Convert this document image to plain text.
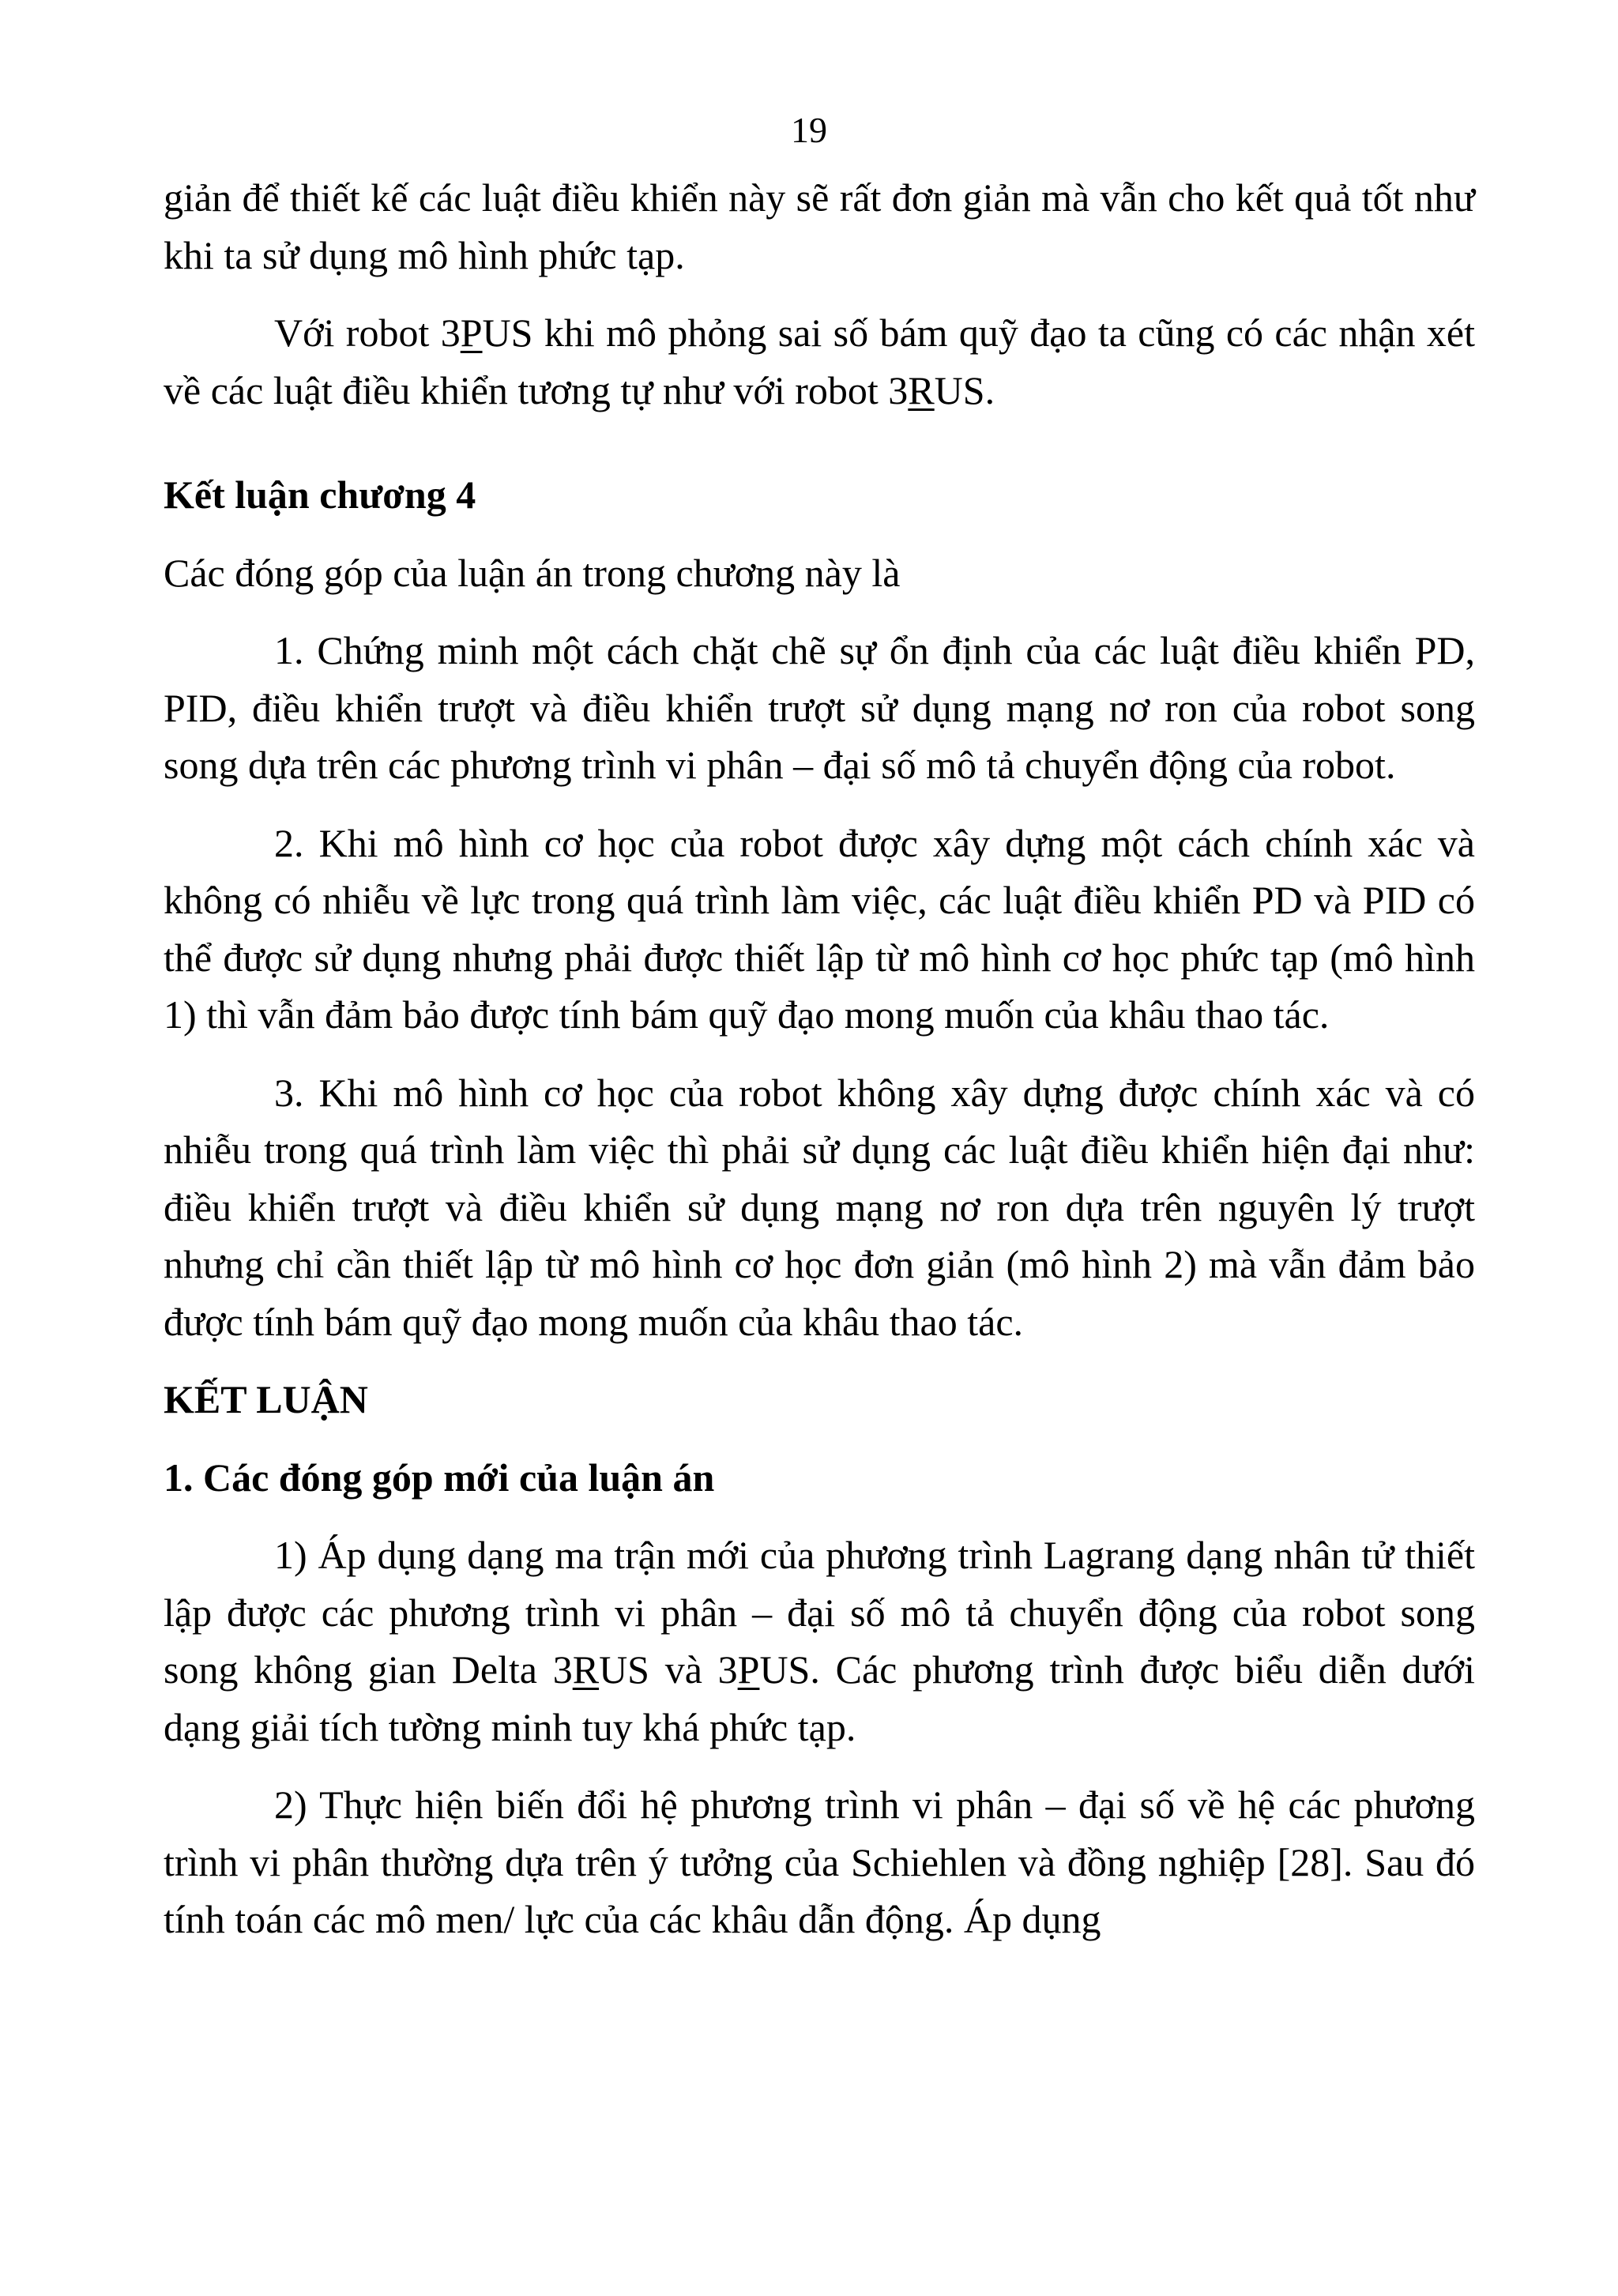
19

giản để thiết kế các luật điều khiển này sẽ rất đơn giản mà vẫn cho kết quả tốt như khi ta sử dụng mô hình phức tạp.

Với robot 3PUS khi mô phỏng sai số bám quỹ đạo ta cũng có các nhận xét về các luật điều khiển tương tự như với robot 3RUS.

Kết luận chương 4

Các đóng góp của luận án trong chương này là

1. Chứng minh một cách chặt chẽ sự ổn định của các luật điều khiển PD, PID, điều khiển trượt và điều khiển trượt sử dụng mạng nơ ron của robot song song dựa trên các phương trình vi phân – đại số mô tả chuyển động của robot.

2. Khi mô hình cơ học của robot được xây dựng một cách chính xác và không có nhiễu về lực trong quá trình làm việc, các luật điều khiển PD và PID có thể được sử dụng nhưng phải được thiết lập từ mô hình cơ học phức tạp (mô hình 1) thì vẫn đảm bảo được tính bám quỹ đạo mong muốn của khâu thao tác.

3. Khi mô hình cơ học của robot không xây dựng được chính xác và có nhiễu trong quá trình làm việc thì phải sử dụng các luật điều khiển hiện đại như: điều khiển trượt và điều khiển sử dụng mạng nơ ron dựa trên nguyên lý trượt nhưng chỉ cần thiết lập từ mô hình cơ học đơn giản (mô hình 2) mà vẫn đảm bảo được tính bám quỹ đạo mong muốn của khâu thao tác.

KẾT LUẬN

1. Các đóng góp mới của luận án

1) Áp dụng dạng ma trận mới của phương trình Lagrang dạng nhân tử thiết lập được các phương trình vi phân – đại số mô tả chuyển động của robot song song không gian Delta 3RUS và 3PUS. Các phương trình được biểu diễn dưới dạng giải tích tường minh tuy khá phức tạp.

2) Thực hiện biến đổi hệ phương trình vi phân – đại số về hệ các phương trình vi phân thường dựa trên ý tưởng của Schiehlen và đồng nghiệp [28]. Sau đó tính toán các mô men/ lực của các khâu dẫn động. Áp dụng
